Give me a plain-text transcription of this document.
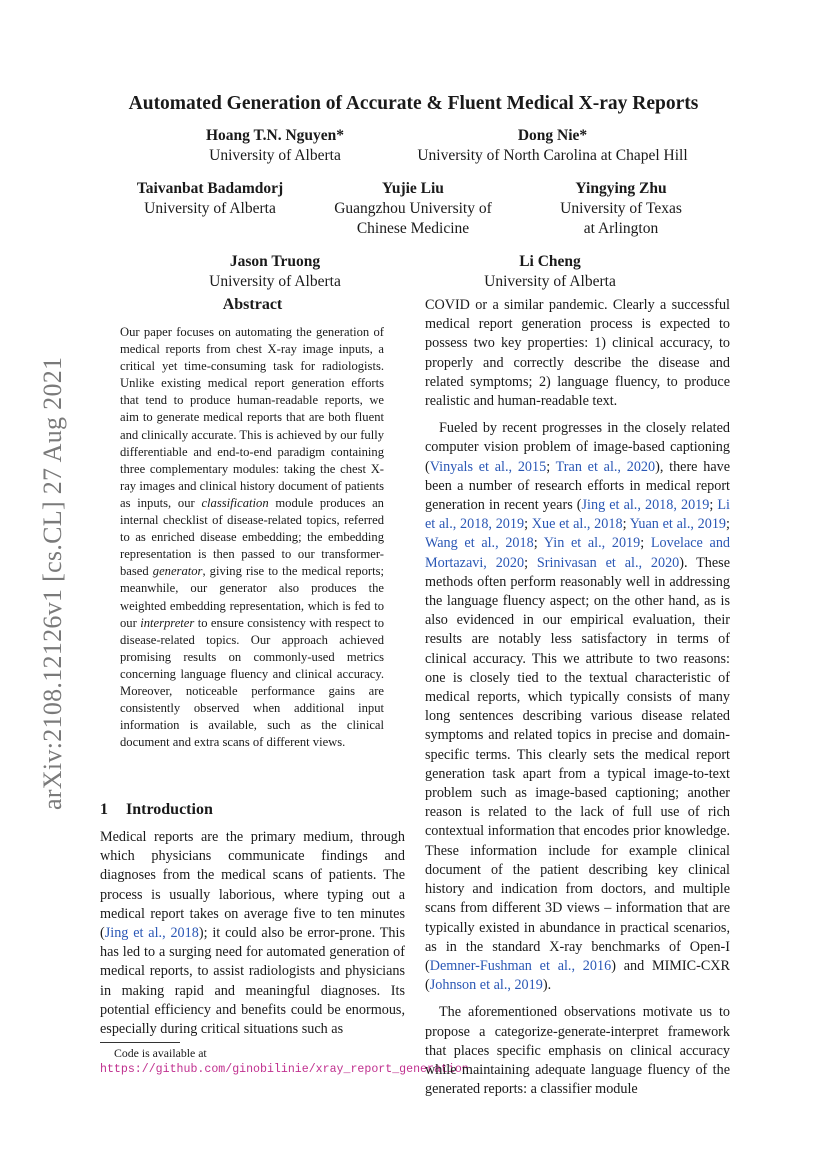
arXiv:2108.12126v1 [cs.CL] 27 Aug 2021
Automated Generation of Accurate & Fluent Medical X-ray Reports
Hoang T.N. Nguyen*
University of Alberta
Dong Nie*
University of North Carolina at Chapel Hill
Taivanbat Badamdorj
University of Alberta
Yujie Liu
Guangzhou University of
Chinese Medicine
Yingying Zhu
University of Texas
at Arlington
Jason Truong
University of Alberta
Li Cheng
University of Alberta
Abstract
Our paper focuses on automating the generation of medical reports from chest X-ray image inputs, a critical yet time-consuming task for radiologists. Unlike existing medical report generation efforts that tend to produce human-readable reports, we aim to generate medical reports that are both fluent and clinically accurate. This is achieved by our fully differentiable and end-to-end paradigm containing three complementary modules: taking the chest X-ray images and clinical history document of patients as inputs, our classification module produces an internal checklist of disease-related topics, referred to as enriched disease embedding; the embedding representation is then passed to our transformer-based generator, giving rise to the medical reports; meanwhile, our generator also produces the weighted embedding representation, which is fed to our interpreter to ensure consistency with respect to disease-related topics. Our approach achieved promising results on commonly-used metrics concerning language fluency and clinical accuracy. Moreover, noticeable performance gains are consistently observed when additional input information is available, such as the clinical document and extra scans of different views.
1 Introduction

Medical reports are the primary medium, through which physicians communicate findings and diagnoses from the medical scans of patients. The process is usually laborious, where typing out a medical report takes on average five to ten minutes (Jing et al., 2018); it could also be error-prone. This has led to a surging need for automated generation of medical reports, to assist radiologists and physicians in making rapid and meaningful diagnoses. Its potential efficiency and benefits could be enormous, especially during critical situations such as

Code is available at https://github.com/ginobilinie/xray_report_generation

COVID or a similar pandemic. Clearly a successful medical report generation process is expected to possess two key properties: 1) clinical accuracy, to properly and correctly describe the disease and related symptoms; 2) language fluency, to produce realistic and human-readable text.

Fueled by recent progresses in the closely related computer vision problem of image-based captioning (Vinyals et al., 2015; Tran et al., 2020), there have been a number of research efforts in medical report generation in recent years (Jing et al., 2018, 2019; Li et al., 2018, 2019; Xue et al., 2018; Yuan et al., 2019; Wang et al., 2018; Yin et al., 2019; Lovelace and Mortazavi, 2020; Srinivasan et al., 2020). These methods often perform reasonably well in addressing the language fluency aspect; on the other hand, as is also evidenced in our empirical evaluation, their results are notably less satisfactory in terms of clinical accuracy. This we attribute to two reasons: one is closely tied to the textual characteristic of medical reports, which typically consists of many long sentences describing various disease related symptoms and related topics in precise and domain-specific terms. This clearly sets the medical report generation task apart from a typical image-to-text problem such as image-based captioning; another reason is related to the lack of full use of rich contextual information that encodes prior knowledge. These information include for example clinical document of the patient describing key clinical history and indication from doctors, and multiple scans from different 3D views – information that are typically existed in abundance in practical scenarios, as in the standard X-ray benchmarks of Open-I (Demner-Fushman et al., 2016) and MIMIC-CXR (Johnson et al., 2019).

The aforementioned observations motivate us to propose a categorize-generate-interpret framework that places specific emphasis on clinical accuracy while maintaining adequate language fluency of the generated reports: a classifier module
